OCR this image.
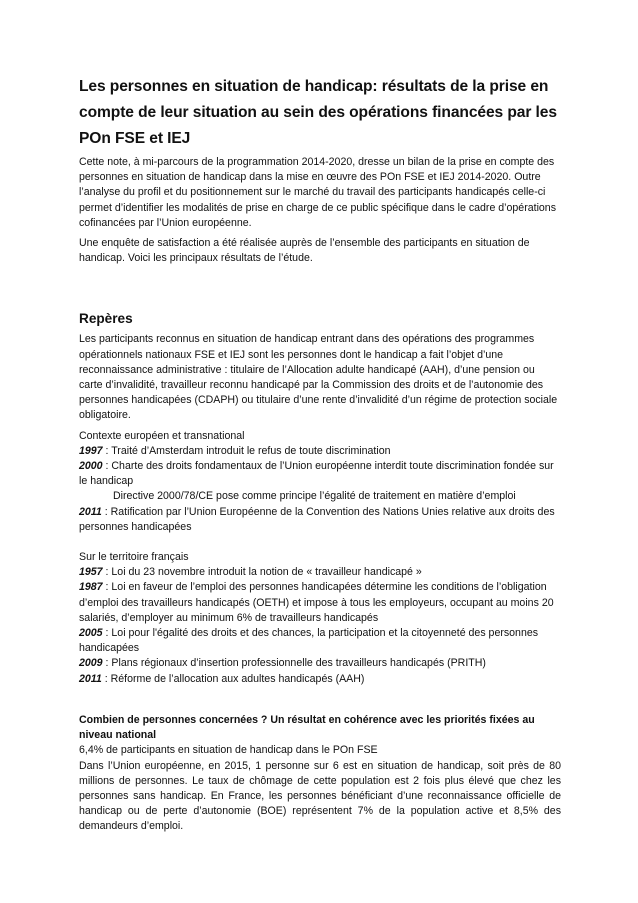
Les personnes en situation de handicap: résultats de la prise en compte de leur situation au sein des opérations financées par les POn FSE et IEJ

Cette note, à mi-parcours de la programmation 2014-2020, dresse un bilan de la prise en compte des personnes en situation de handicap dans la mise en œuvre des POn FSE et IEJ 2014-2020. Outre l’analyse du profil et du positionnement sur le marché du travail des participants handicapés celle-ci permet d’identifier les modalités de prise en charge de ce public spécifique dans le cadre d’opérations cofinancées par l’Union européenne.

Une enquête de satisfaction a été réalisée auprès de l’ensemble des participants en situation de handicap. Voici les principaux résultats de l’étude.

Repères

Les participants reconnus en situation de handicap entrant dans des opérations des programmes opérationnels nationaux FSE et IEJ sont les personnes dont le handicap a fait l’objet d’une reconnaissance administrative : titulaire de l’Allocation adulte handicapé (AAH), d’une pension ou carte d’invalidité, travailleur reconnu handicapé par la Commission des droits et de l’autonomie des personnes handicapées (CDAPH) ou titulaire d’une rente d’invalidité d’un régime de protection sociale obligatoire.

Contexte européen et transnational
1997 : Traité d’Amsterdam introduit le refus de toute discrimination
2000 : Charte des droits fondamentaux de l’Union européenne interdit toute discrimination fondée sur le handicap
Directive 2000/78/CE pose comme principe l’égalité de traitement en matière d’emploi
2011 : Ratification par l’Union Européenne de la Convention des Nations Unies relative aux droits des personnes handicapées
Sur le territoire français
1957 : Loi du 23 novembre introduit la notion de « travailleur handicapé »
1987 : Loi en faveur de l’emploi des personnes handicapées détermine les conditions de l’obligation d’emploi des travailleurs handicapés (OETH) et impose à tous les employeurs, occupant au moins 20 salariés, d’employer au minimum 6% de travailleurs handicapés
2005 : Loi pour l'égalité des droits et des chances, la participation et la citoyenneté des personnes handicapées
2009 : Plans régionaux d’insertion professionnelle des travailleurs handicapés (PRITH)
2011 : Réforme de l’allocation aux adultes handicapés (AAH)
Combien de personnes concernées ? Un résultat en cohérence avec les priorités fixées au niveau national
6,4% de participants en situation de handicap dans le POn FSE

Dans l’Union européenne, en 2015, 1 personne sur 6 est en situation de handicap, soit près de 80 millions de personnes. Le taux de chômage de cette population est 2 fois plus élevé que chez les personnes sans handicap. En France, les personnes bénéficiant d’une reconnaissance officielle de handicap ou de perte d’autonomie (BOE) représentent 7% de la population active et 8,5% des demandeurs d’emploi.
